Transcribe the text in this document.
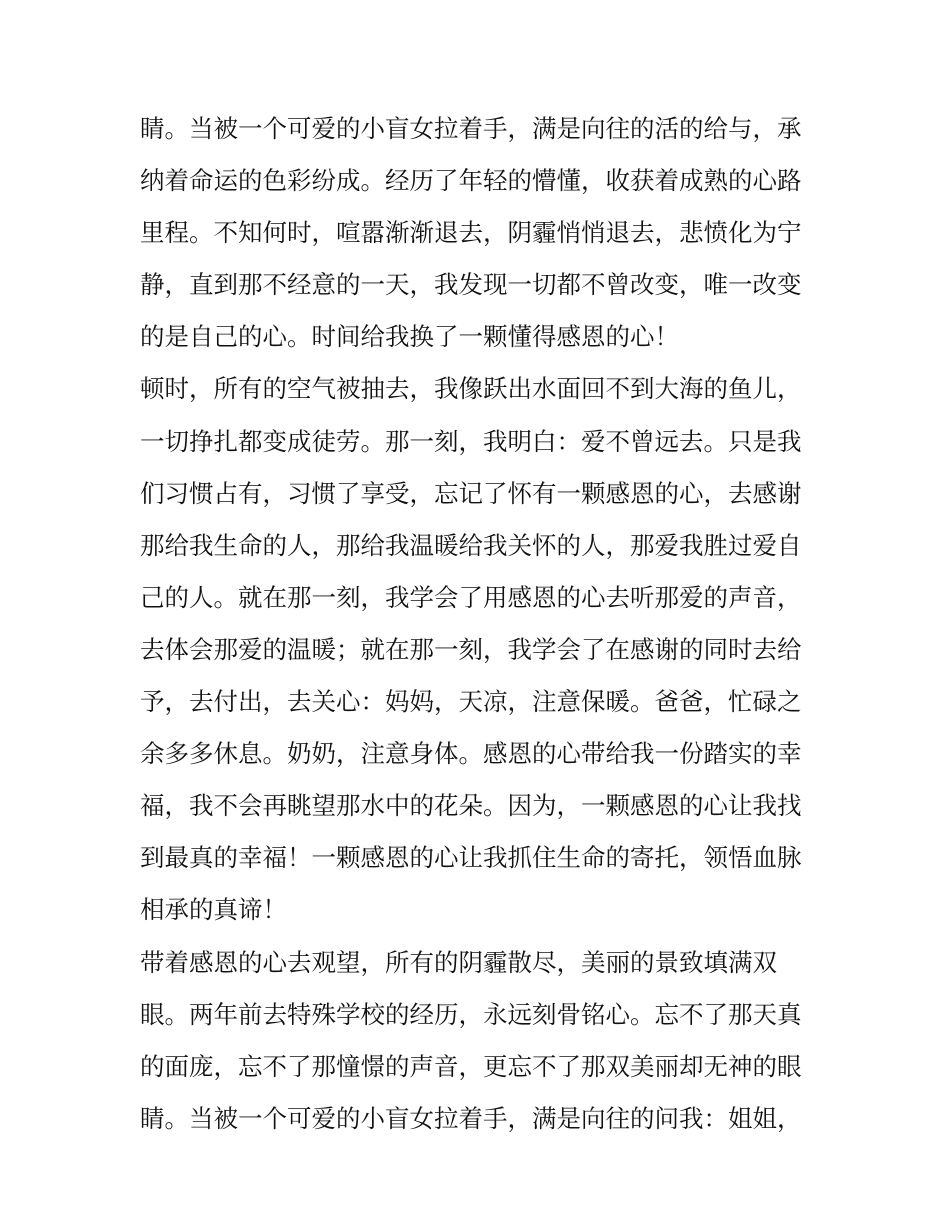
睛。当被一个可爱的小盲女拉着手，满是向往的活的给与，承
纳着命运的色彩纷成。经历了年轻的懵懂，收获着成熟的心路
里程。不知何时，喧嚣渐渐退去，阴霾悄悄退去，悲愤化为宁
静，直到那不经意的一天，我发现一切都不曾改变，唯一改变
的是自己的心。时间给我换了一颗懂得感恩的心！
顿时，所有的空气被抽去，我像跃出水面回不到大海的鱼儿，
一切挣扎都变成徒劳。那一刻，我明白：爱不曾远去。只是我
们习惯占有，习惯了享受，忘记了怀有一颗感恩的心，去感谢
那给我生命的人，那给我温暖给我关怀的人，那爱我胜过爱自
己的人。就在那一刻，我学会了用感恩的心去听那爱的声音，
去体会那爱的温暖；就在那一刻，我学会了在感谢的同时去给
予，去付出，去关心：妈妈，天凉，注意保暖。爸爸，忙碌之
余多多休息。奶奶，注意身体。感恩的心带给我一份踏实的幸
福，我不会再眺望那水中的花朵。因为，一颗感恩的心让我找
到最真的幸福！一颗感恩的心让我抓住生命的寄托，领悟血脉
相承的真谛！
带着感恩的心去观望，所有的阴霾散尽，美丽的景致填满双
眼。两年前去特殊学校的经历，永远刻骨铭心。忘不了那天真
的面庞，忘不了那憧憬的声音，更忘不了那双美丽却无神的眼
睛。当被一个可爱的小盲女拉着手，满是向往的问我：姐姐，
